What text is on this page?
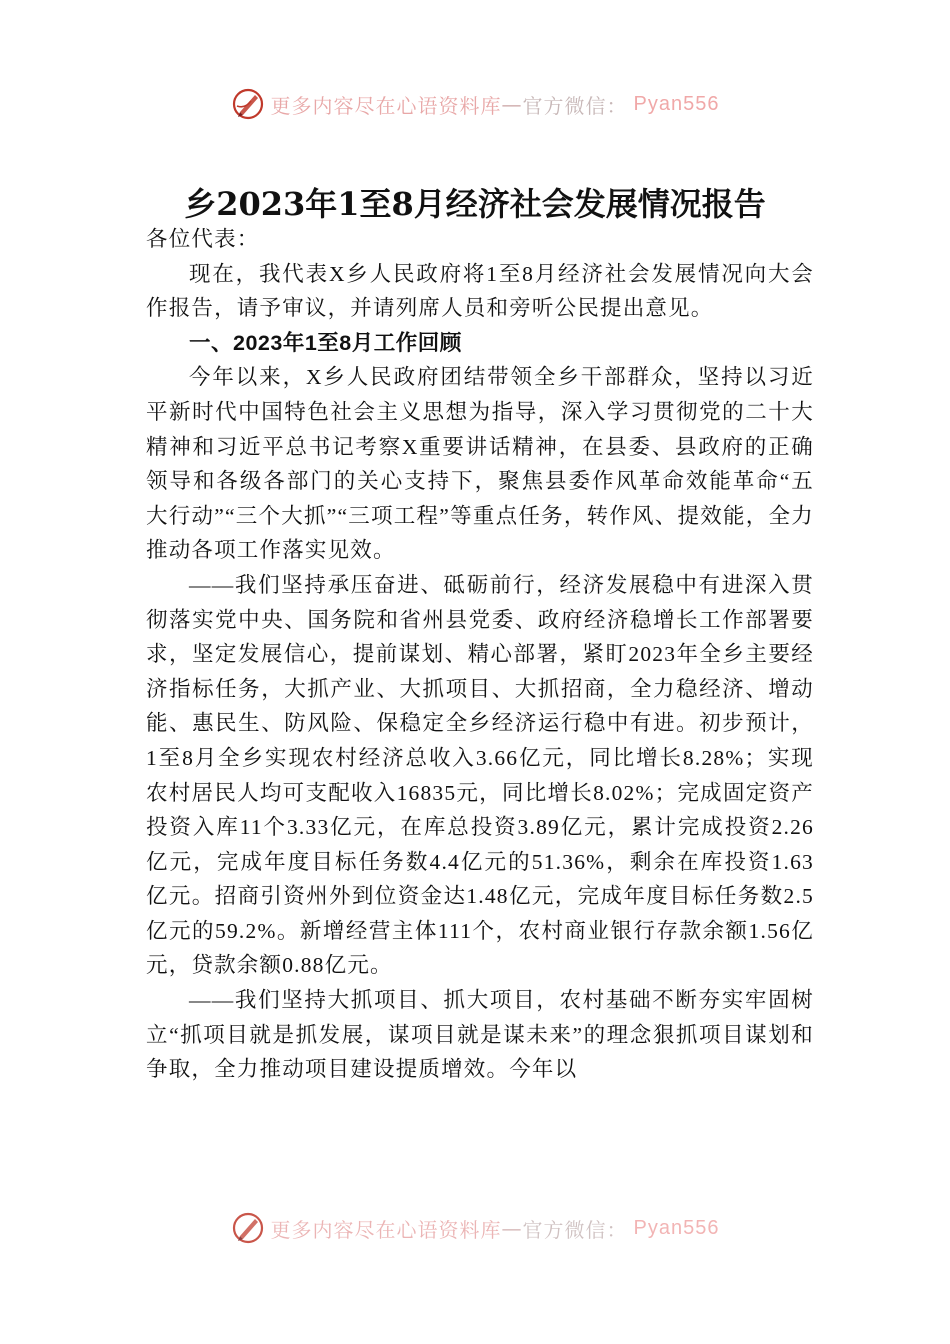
更多内容尽在心语资料库 — 官方微信： Pyan556
乡2023年1至8月经济社会发展情况报告

各位代表：

现在，我代表X乡人民政府将1至8月经济社会发展情况向大会作报告，请予审议，并请列席人员和旁听公民提出意见。

一、2023年1至8月工作回顾

今年以来，X乡人民政府团结带领全乡干部群众，坚持以习近平新时代中国特色社会主义思想为指导，深入学习贯彻党的二十大精神和习近平总书记考察X重要讲话精神，在县委、县政府的正确领导和各级各部门的关心支持下，聚焦县委作风革命效能革命“五大行动”“三个大抓”“三项工程”等重点任务，转作风、提效能，全力推动各项工作落实见效。

——我们坚持承压奋进、砥砺前行，经济发展稳中有进深入贯彻落实党中央、国务院和省州县党委、政府经济稳增长工作部署要求，坚定发展信心，提前谋划、精心部署，紧盯2023年全乡主要经济指标任务，大抓产业、大抓项目、大抓招商，全力稳经济、增动能、惠民生、防风险、保稳定全乡经济运行稳中有进。初步预计，1至8月全乡实现农村经济总收入3.66亿元，同比增长8.28%；实现农村居民人均可支配收入16835元，同比增长8.02%；完成固定资产投资入库11个3.33亿元，在库总投资3.89亿元，累计完成投资2.26亿元，完成年度目标任务数4.4亿元的51.36%，剩余在库投资1.63亿元。招商引资州外到位资金达1.48亿元，完成年度目标任务数2.5亿元的59.2%。新增经营主体111个，农村商业银行存款余额1.56亿元，贷款余额0.88亿元。

——我们坚持大抓项目、抓大项目，农村基础不断夯实牢固树立“抓项目就是抓发展，谋项目就是谋未来”的理念狠抓项目谋划和争取，全力推动项目建设提质增效。今年以

更多内容尽在心语资料库 — 官方微信： Pyan556
